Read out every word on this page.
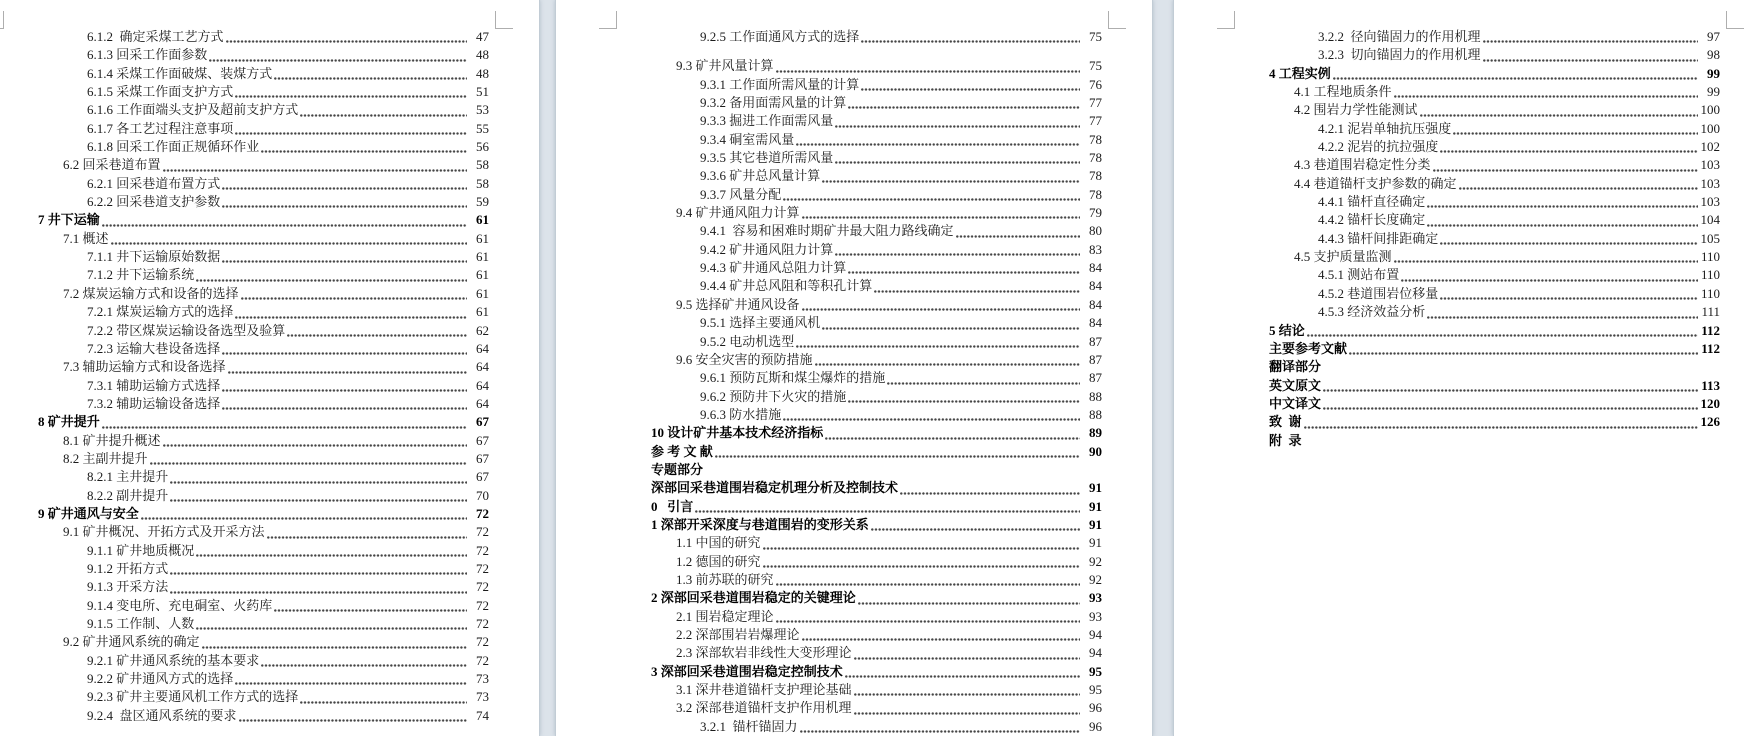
6.1.2  确定采煤工艺方式	47
6.1.3 回采工作面参数	48
6.1.4 采煤工作面破煤、装煤方式	48
6.1.5 采煤工作面支护方式	51
6.1.6 工作面端头支护及超前支护方式	53
6.1.7 各工艺过程注意事项	55
6.1.8 回采工作面正规循环作业	56
6.2 回采巷道布置	58
6.2.1 回采巷道布置方式	58
6.2.2 回采巷道支护参数	59
7 井下运输	61
7.1 概述	61
7.1.1 井下运输原始数据	61
7.1.2 井下运输系统	61
7.2 煤炭运输方式和设备的选择	61
7.2.1 煤炭运输方式的选择	61
7.2.2 带区煤炭运输设备选型及验算	62
7.2.3 运输大巷设备选择	64
7.3 辅助运输方式和设备选择	64
7.3.1 辅助运输方式选择	64
7.3.2 辅助运输设备选择	64
8 矿井提升	67
8.1 矿井提升概述	67
8.2 主副井提升	67
8.2.1 主井提升	67
8.2.2 副井提升	70
9 矿井通风与安全	72
9.1 矿井概况、开拓方式及开采方法	72
9.1.1 矿井地质概况	72
9.1.2 开拓方式	72
9.1.3 开采方法	72
9.1.4 变电所、充电硐室、火药库	72
9.1.5 工作制、人数	72
9.2 矿井通风系统的确定	72
9.2.1 矿井通风系统的基本要求	72
9.2.2 矿井通风方式的选择	73
9.2.3 矿井主要通风机工作方式的选择	73
9.2.4  盘区通风系统的要求	74
9.2.5 工作面通风方式的选择	75
9.3 矿井风量计算	75
9.3.1 工作面所需风量的计算	76
9.3.2 备用面需风量的计算	77
9.3.3 掘进工作面需风量	77
9.3.4 硐室需风量	78
9.3.5 其它巷道所需风量	78
9.3.6 矿井总风量计算	78
9.3.7 风量分配	78
9.4 矿井通风阻力计算	79
9.4.1  容易和困难时期矿井最大阻力路线确定	80
9.4.2 矿井通风阻力计算	83
9.4.3 矿井通风总阻力计算	84
9.4.4 矿井总风阻和等积孔计算	84
9.5 选择矿井通风设备	84
9.5.1 选择主要通风机	84
9.5.2 电动机选型	87
9.6 安全灾害的预防措施	87
9.6.1 预防瓦斯和煤尘爆炸的措施	87
9.6.2 预防井下火灾的措施	88
9.6.3 防水措施	88
10 设计矿井基本技术经济指标	89
参 考 文 献	90
专题部分
深部回采巷道围岩稳定机理分析及控制技术	91
0   引言	91
1 深部开采深度与巷道围岩的变形关系	91
1.1 中国的研究	91
1.2 德国的研究	92
1.3 前苏联的研究	92
2 深部回采巷道围岩稳定的关键理论	93
2.1 围岩稳定理论	93
2.2 深部围岩岩爆理论	94
2.3 深部软岩非线性大变形理论	94
3 深部回采巷道围岩稳定控制技术	95
3.1 深井巷道锚杆支护理论基础	95
3.2 深部巷道锚杆支护作用机理	96
3.2.1  锚杆锚固力	96
3.2.2  径向锚固力的作用机理	97
3.2.3  切向锚固力的作用机理	98
4 工程实例	99
4.1 工程地质条件	99
4.2 围岩力学性能测试	100
4.2.1 泥岩单轴抗压强度	100
4.2.2 泥岩的抗拉强度	102
4.3 巷道围岩稳定性分类	103
4.4 巷道锚杆支护参数的确定	103
4.4.1 锚杆直径确定	103
4.4.2 锚杆长度确定	104
4.4.3 锚杆间排距确定	105
4.5 支护质量监测	110
4.5.1 测站布置	110
4.5.2 巷道围岩位移量	110
4.5.3 经济效益分析	111
5 结论	112
主要参考文献	112
翻译部分
英文原文	113
中文译文	120
致  谢	126
附  录
